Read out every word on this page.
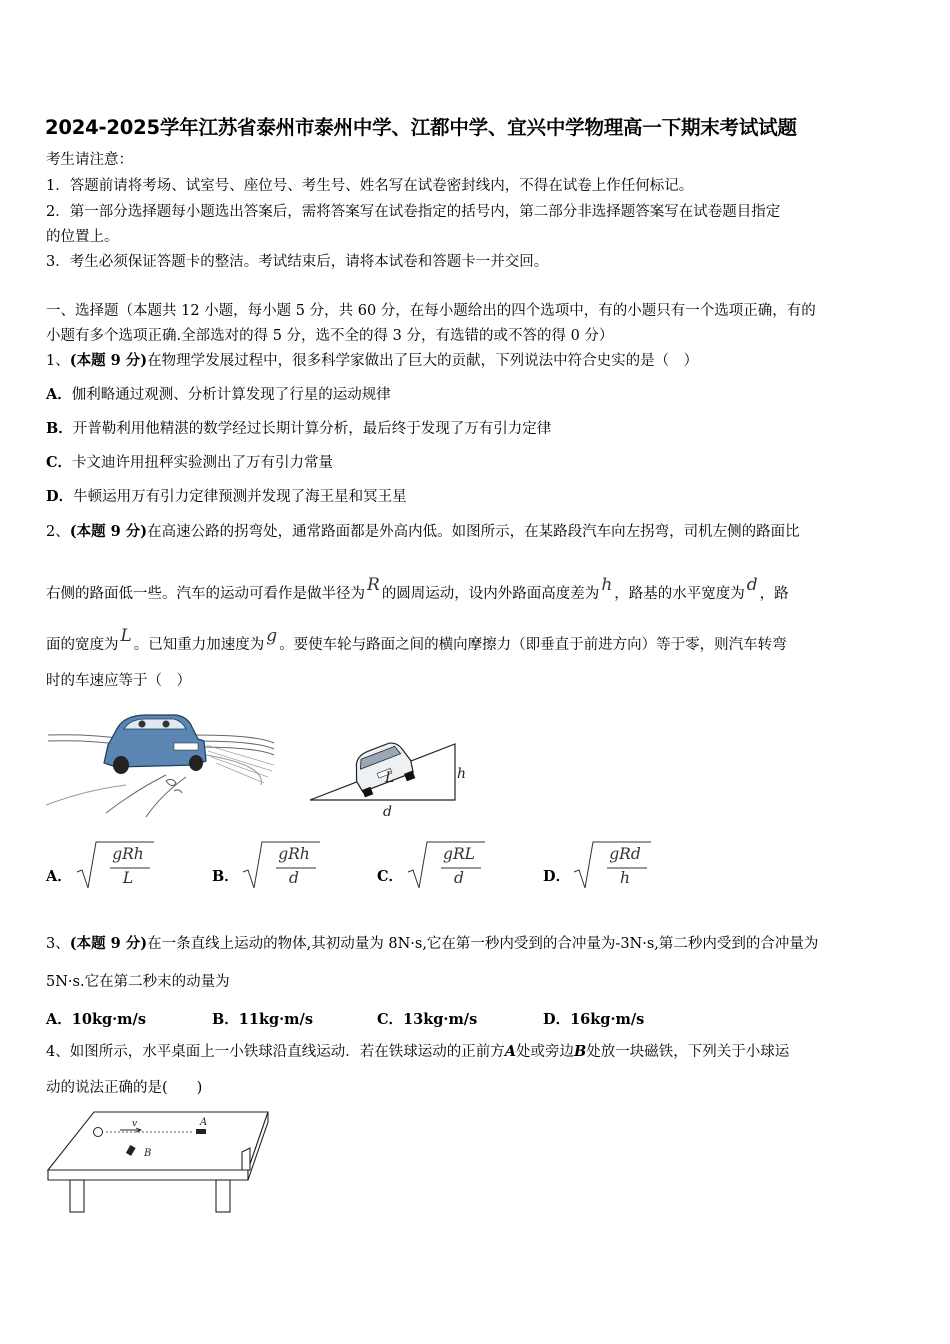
2024-2025学年江苏省泰州市泰州中学、江都中学、宜兴中学物理高一下期末考试试题
考生请注意：
1．答题前请将考场、试室号、座位号、考生号、姓名写在试卷密封线内，不得在试卷上作任何标记。
2．第一部分选择题每小题选出答案后，需将答案写在试卷指定的括号内，第二部分非选择题答案写在试卷题目指定
的位置上。
3．考生必须保证答题卡的整洁。考试结束后，请将本试卷和答题卡一并交回。
一、选择题（本题共 12 小题，每小题 5 分，共 60 分，在每小题给出的四个选项中，有的小题只有一个选项正确，有的
小题有多个选项正确.全部选对的得 5 分，选不全的得 3 分，有选错的或不答的得 0 分）
1、(本题 9 分)在物理学发展过程中，很多科学家做出了巨大的贡献，下列说法中符合史实的是（　）
A．伽利略通过观测、分析计算发现了行星的运动规律
B．开普勒利用他精湛的数学经过长期计算分析，最后终于发现了万有引力定律
C．卡文迪许用扭秤实验测出了万有引力常量
D．牛顿运用万有引力定律预测并发现了海王星和冥王星
2、(本题 9 分)在高速公路的拐弯处，通常路面都是外高内低。如图所示，在某路段汽车向左拐弯，司机左侧的路面比
右侧的路面低一些。汽车的运动可看作是做半径为 R 的圆周运动，设内外路面高度差为 h ，路基的水平宽度为 d ，路
面的宽度为 L 。已知重力加速度为 g 。要使车轮与路面之间的横向摩擦力（即垂直于前进方向）等于零，则汽车转弯
时的车速应等于（　）
L	h
d
A．
gRh
L	B．
gRh
d	C．
gRL
d	D．
gRd
h
3、(本题 9 分)在一条直线上运动的物体,其初动量为 8N·s,它在第一秒内受到的合冲量为-3N·s,第二秒内受到的合冲量为
5N·s.它在第二秒末的动量为
A．10kg·m/s	B．11kg·m/s	C．13kg·m/s	D．16kg·m/s
4、如图所示，水平桌面上一小铁球沿直线运动．若在铁球运动的正前方A处或旁边B处放一块磁铁，下列关于小球运
动的说法正确的是(　　)
v	A
B
